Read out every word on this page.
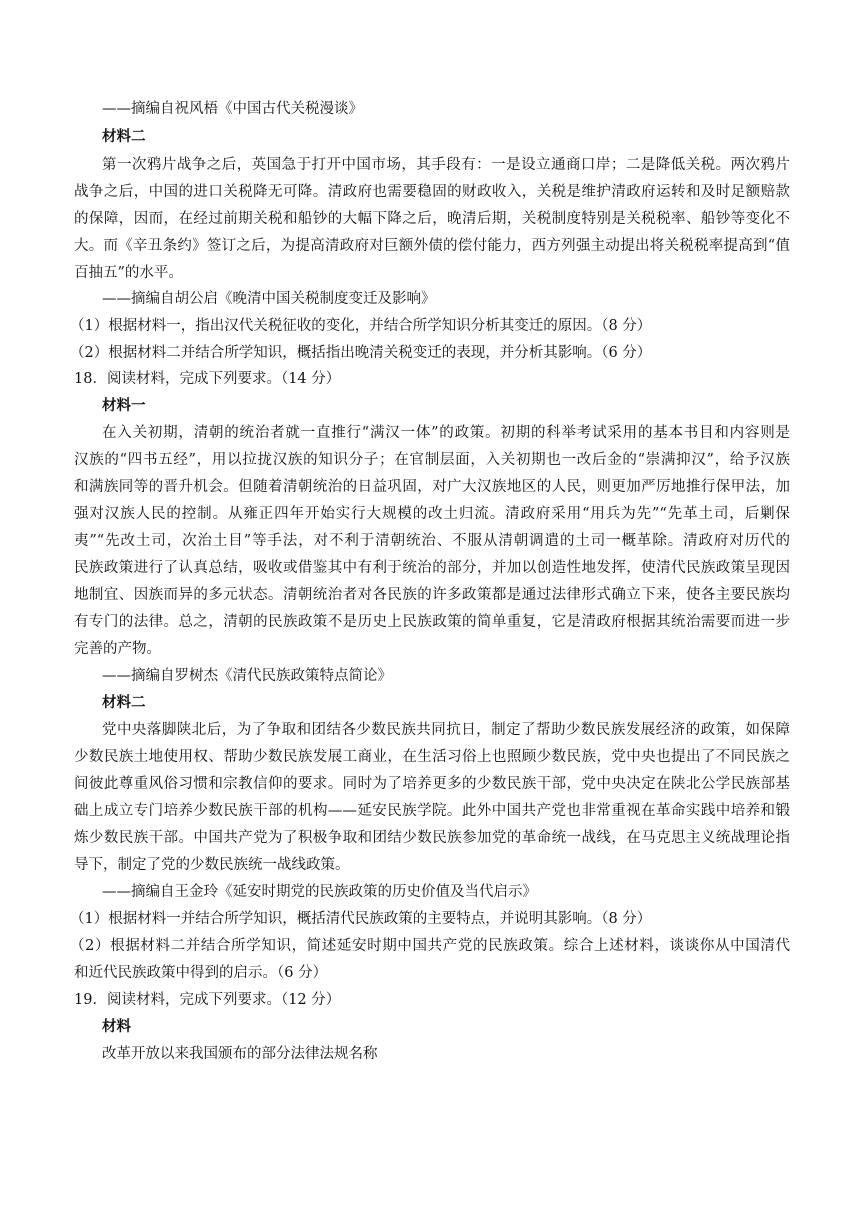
——摘编自祝风梧《中国古代关税漫谈》
材料二
第一次鸦片战争之后，英国急于打开中国市场，其手段有：一是设立通商口岸；二是降低关税。两次鸦片
战争之后，中国的进口关税降无可降。清政府也需要稳固的财政收入，关税是维护清政府运转和及时足额赔款
的保障，因而，在经过前期关税和船钞的大幅下降之后，晚清后期，关税制度特别是关税税率、船钞等变化不
大。而《辛丑条约》签订之后，为提高清政府对巨额外债的偿付能力，西方列强主动提出将关税税率提高到“值
百抽五”的水平。
——摘编自胡公启《晚清中国关税制度变迁及影响》
（1）根据材料一，指出汉代关税征收的变化，并结合所学知识分析其变迁的原因。（8 分）
（2）根据材料二并结合所学知识，概括指出晚清关税变迁的表现，并分析其影响。（6 分）
18．阅读材料，完成下列要求。（14 分）
材料一
在入关初期，清朝的统治者就一直推行“满汉一体”的政策。初期的科举考试采用的基本书目和内容则是
汉族的“四书五经”，用以拉拢汉族的知识分子；在官制层面，入关初期也一改后金的“崇满抑汉”，给予汉族
和满族同等的晋升机会。但随着清朝统治的日益巩固，对广大汉族地区的人民，则更加严厉地推行保甲法，加
强对汉族人民的控制。从雍正四年开始实行大规模的改土归流。清政府采用“用兵为先”“先革土司，后剿保
夷”“先改土司，次治土目”等手法，对不利于清朝统治、不服从清朝调遣的土司一概革除。清政府对历代的
民族政策进行了认真总结，吸收或借鉴其中有利于统治的部分，并加以创造性地发挥，使清代民族政策呈现因
地制宜、因族而异的多元状态。清朝统治者对各民族的许多政策都是通过法律形式确立下来，使各主要民族均
有专门的法律。总之，清朝的民族政策不是历史上民族政策的简单重复，它是清政府根据其统治需要而进一步
完善的产物。
——摘编自罗树杰《清代民族政策特点简论》
材料二
党中央落脚陕北后，为了争取和团结各少数民族共同抗日，制定了帮助少数民族发展经济的政策，如保障
少数民族土地使用权、帮助少数民族发展工商业，在生活习俗上也照顾少数民族，党中央也提出了不同民族之
间彼此尊重风俗习惯和宗教信仰的要求。同时为了培养更多的少数民族干部，党中央决定在陕北公学民族部基
础上成立专门培养少数民族干部的机构——延安民族学院。此外中国共产党也非常重视在革命实践中培养和锻
炼少数民族干部。中国共产党为了积极争取和团结少数民族参加党的革命统一战线，在马克思主义统战理论指
导下，制定了党的少数民族统一战线政策。
——摘编自王金玲《延安时期党的民族政策的历史价值及当代启示》
（1）根据材料一并结合所学知识，概括清代民族政策的主要特点，并说明其影响。（8 分）
（2）根据材料二并结合所学知识，简述延安时期中国共产党的民族政策。综合上述材料，谈谈你从中国清代
和近代民族政策中得到的启示。（6 分）
19．阅读材料，完成下列要求。（12 分）
材料
改革开放以来我国颁布的部分法律法规名称
